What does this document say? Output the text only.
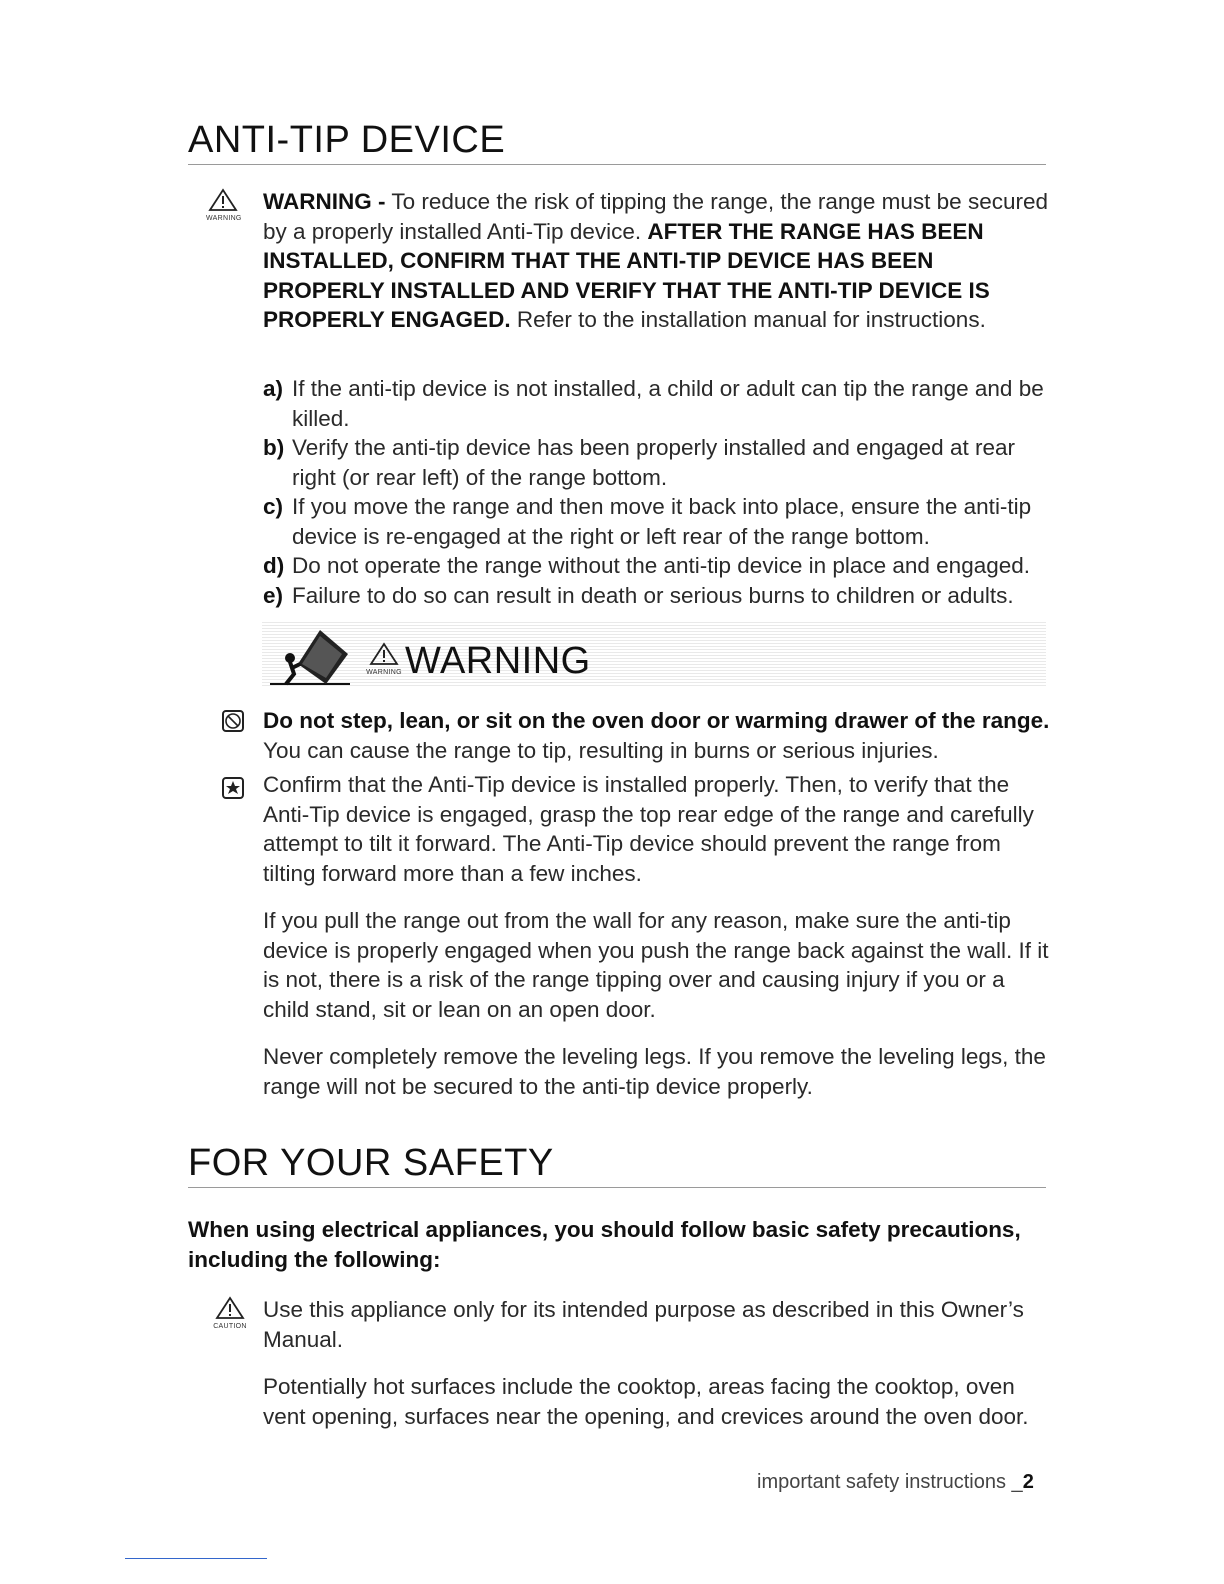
ANTI-TIP DEVICE
WARNING
WARNING - To reduce the risk of tipping the range, the range must be secured by a properly installed Anti-Tip device. AFTER THE RANGE HAS BEEN INSTALLED, CONFIRM THAT THE ANTI-TIP DEVICE HAS BEEN PROPERLY INSTALLED AND VERIFY THAT THE ANTI-TIP DEVICE IS PROPERLY ENGAGED. Refer to the installation manual for instructions.
a) If the anti-tip device is not installed, a child or adult can tip the range and be killed.
b) Verify the anti-tip device has been properly installed and engaged at rear right (or rear left) of the range bottom.
c) If you move the range and then move it back into place, ensure the anti-tip device is re-engaged at the right or left rear of the range bottom.
d) Do not operate the range without the anti-tip device in place and engaged.
e) Failure to do so can result in death or serious burns to children or adults.
WARNING WARNING
Do not step, lean, or sit on the oven door or warming drawer of the range. You can cause the range to tip, resulting in burns or serious injuries.
Confirm that the Anti-Tip device is installed properly. Then, to verify that the Anti-Tip device is engaged, grasp the top rear edge of the range and carefully attempt to tilt it forward. The Anti-Tip device should prevent the range from tilting forward more than a few inches.
If you pull the range out from the wall for any reason, make sure the anti-tip device is properly engaged when you push the range back against the wall. If it is not, there is a risk of the range tipping over and causing injury if you or a child stand, sit or lean on an open door.
Never completely remove the leveling legs. If you remove the leveling legs, the range will not be secured to the anti-tip device properly.
FOR YOUR SAFETY
When using electrical appliances, you should follow basic safety precautions, including the following:
CAUTION
Use this appliance only for its intended purpose as described in this Owner’s Manual.
Potentially hot surfaces include the cooktop, areas facing the cooktop, oven vent opening, surfaces near the opening, and crevices around the oven door.
important safety instructions _2
